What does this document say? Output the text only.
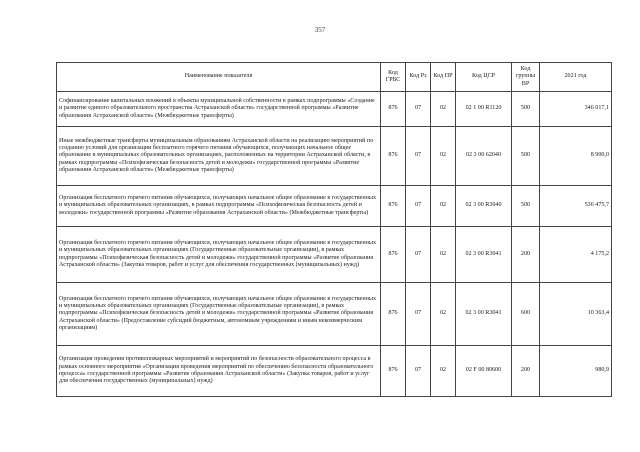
357
Наименование показателя	Код ГРБС	Код Рз	Код ПР	Код ЦСР	Код группы ВР	2021 год
Софинансирование капитальных вложений в объекты муниципальной собственности в рамках подпрограммы «Создание и развитие единого образовательного пространства Астраханской области» государственной программы «Развитие образования Астраханской области» (Межбюджетные трансферты)	876	07	02	02 1 00 R1120	500	346 017,1
Иные межбюджетные трансферты муниципальным образованиям Астраханской области на реализацию мероприятий по созданию условий для организации бесплатного горячего питания обучающихся, получающих начальное общее образование в муниципальных образовательных организациях, расположенных на территории Астраханской области, в рамках подпрограммы «Психофизическая безопасность детей и молодежи» государственной программы «Развитие образования Астраханской области» (Межбюджетные трансферты)	876	07	02	02 3 00 62040	500	8 900,0
Организация бесплатного горячего питания обучающихся, получающих начальное общее образование в государственных и муниципальных образовательных организациях, в рамках подпрограммы «Психофизическая безопасность детей и молодежи» государственной программы «Развитие образования Астраханской области» (Межбюджетные трансферты)	876	07	02	02 3 00 R3040	500	536 475,7
Организация бесплатного горячего питания обучающихся, получающих начальное общее образование в государственных и муниципальных образовательных организациях (Государственные образовательные организации), в рамках подпрограммы «Психофизическая безопасность детей и молодежи» государственной программы «Развитие образования Астраханской области» (Закупка товаров, работ и услуг для обеспечения государственных (муниципальных) нужд)	876	07	02	02 3 00 R3041	200	4 175,2
Организация бесплатного горячего питания обучающихся, получающих начальное общее образование в государственных и муниципальных образовательных организациях (Государственные образовательные организации), в рамках подпрограммы «Психофизическая безопасность детей и молодежи» государственной программы «Развитие образования Астраханской области» (Предоставление субсидий бюджетным, автономным учреждениям и иным некоммерческим организациям)	876	07	02	02 3 00 R3041	600	10 363,4
Организация проведения противопожарных мероприятий и мероприятий по безопасности образовательного процесса в рамках основного мероприятия «Организация проведения мероприятий по обеспечению безопасности образовательного процесса» государственной программы «Развитие образования Астраханской области» (Закупка товаров, работ и услуг для обеспечения государственных (муниципальных) нужд)	876	07	02	02 F 00 80600	200	980,9
